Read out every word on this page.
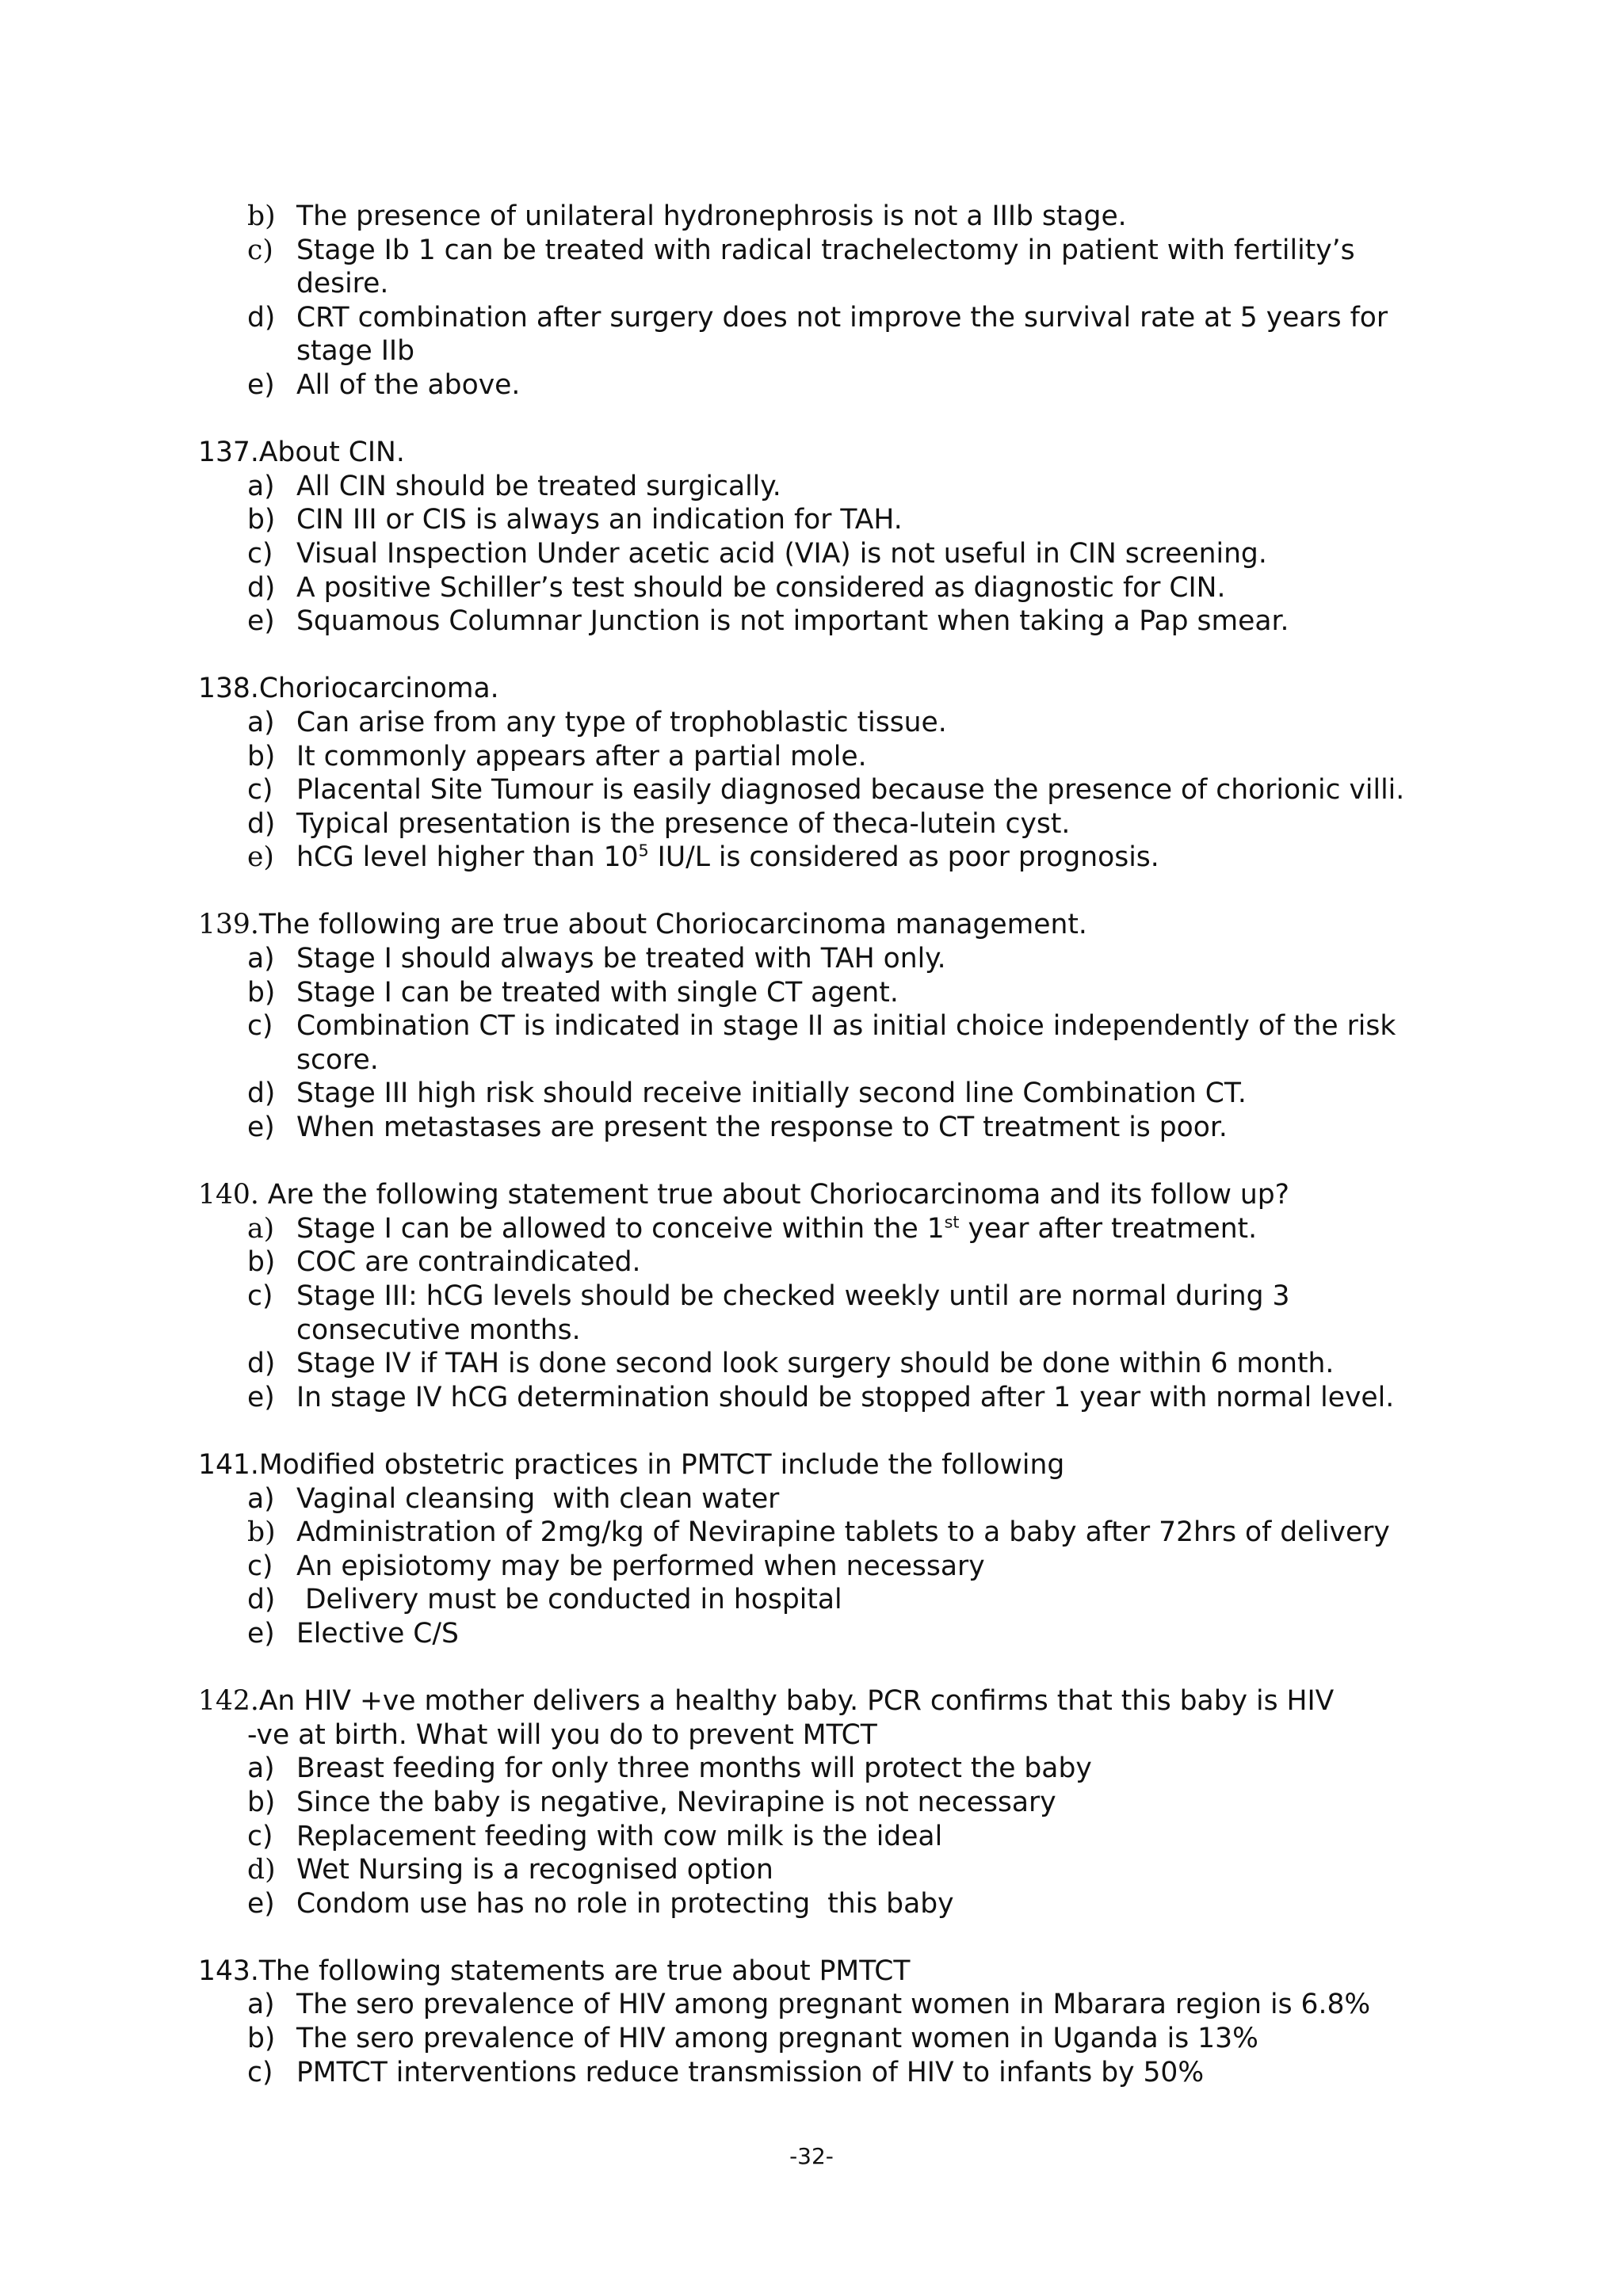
b) The presence of unilateral hydronephrosis is not a IIIb stage.
c) Stage Ib 1 can be treated with radical trachelectomy in patient with fertility’s desire.
d) CRT combination after surgery does not improve the survival rate at 5 years for stage IIb
e) All of the above.
137. About CIN.
a) All CIN should be treated surgically.
b) CIN III or CIS is always an indication for TAH.
c) Visual Inspection Under acetic acid (VIA) is not useful in CIN screening.
d) A positive Schiller’s test should be considered as diagnostic for CIN.
e) Squamous Columnar Junction is not important when taking a Pap smear.
138. Choriocarcinoma.
a) Can arise from any type of trophoblastic tissue.
b) It commonly appears after a partial mole.
c) Placental Site Tumour is easily diagnosed because the presence of chorionic villi.
d) Typical presentation is the presence of theca-lutein cyst.
e) hCG level higher than $10^5$ IU/L is considered as poor prognosis.
139. The following are true about Choriocarcinoma management.
a) Stage I should always be treated with TAH only.
b) Stage I can be treated with single CT agent.
c) Combination CT is indicated in stage II as initial choice independently of the risk score.
d) Stage III high risk should receive initially second line Combination CT.
e) When metastases are present the response to CT treatment is poor.
140. Are the following statement true about Choriocarcinoma and its follow up?
a) Stage I can be allowed to conceive within the 1st year after treatment.
b) COC are contraindicated.
c) Stage III: hCG levels should be checked weekly until are normal during 3 consecutive months.
d) Stage IV if TAH is done second look surgery should be done within 6 month.
e) In stage IV hCG determination should be stopped after 1 year with normal level.
141. Modified obstetric practices in PMTCT include the following
a) Vaginal cleansing  with clean water
b) Administration of 2mg/kg of Nevirapine tablets to a baby after 72hrs of delivery
c) An episiotomy may be performed when necessary
d) Delivery must be conducted in hospital
e) Elective C/S
142. An HIV +ve mother delivers a healthy baby. PCR confirms that this baby is HIV
-ve at birth. What will you do to prevent MTCT
a) Breast feeding for only three months will protect the baby
b) Since the baby is negative, Nevirapine is not necessary
c) Replacement feeding with cow milk is the ideal
d) Wet Nursing is a recognised option
e) Condom use has no role in protecting  this baby
143. The following statements are true about PMTCT
a) The sero prevalence of HIV among pregnant women in Mbarara region is 6.8%
b) The sero prevalence of HIV among pregnant women in Uganda is 13%
c) PMTCT interventions reduce transmission of HIV to infants by 50%
-32-
